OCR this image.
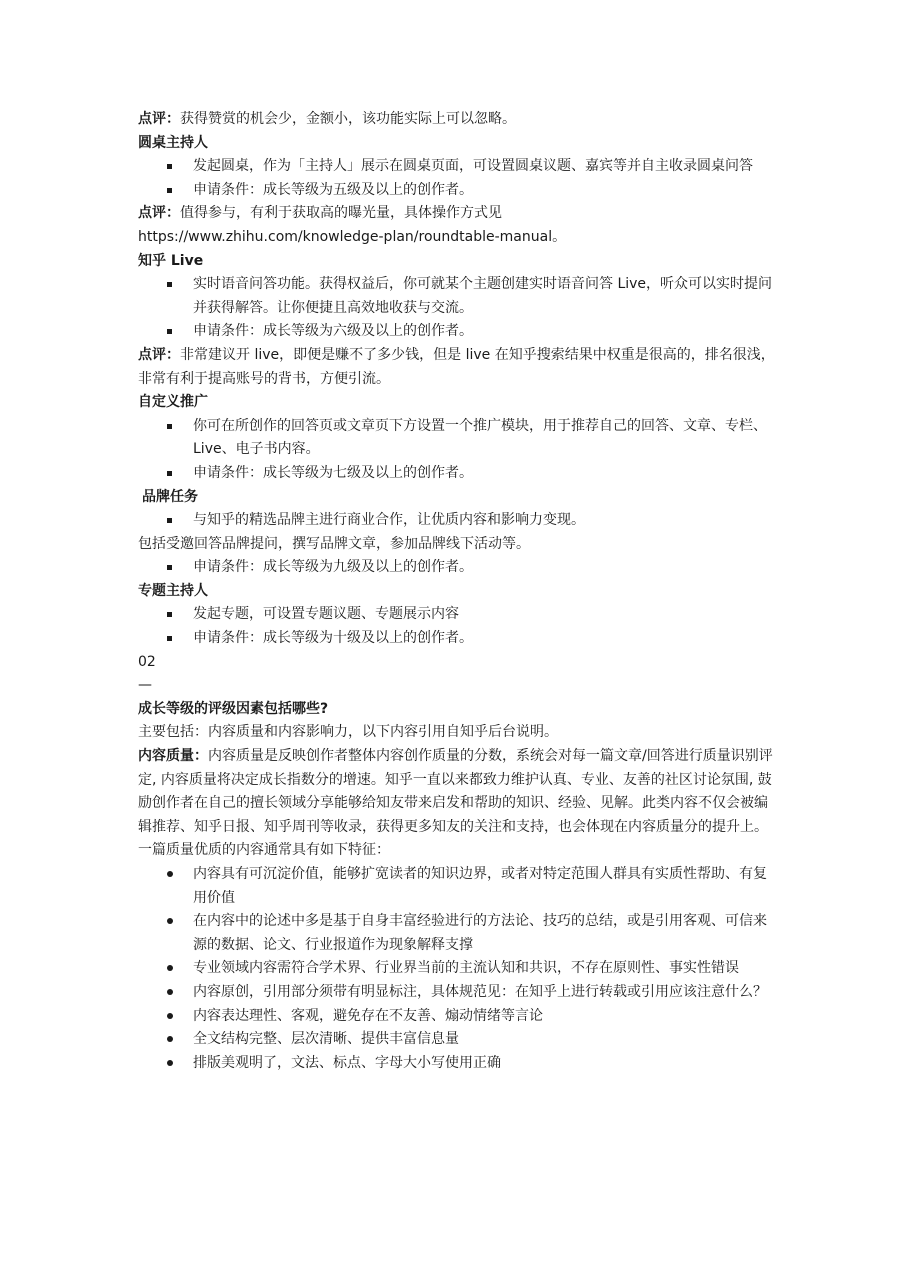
点评：获得赞赏的机会少，金额小，该功能实际上可以忽略。
圆桌主持人
发起圆桌，作为「主持人」展示在圆桌页面，可设置圆桌议题、嘉宾等并自主收录圆桌问答
申请条件：成长等级为五级及以上的创作者。
点评：值得参与，有利于获取高的曝光量，具体操作方式见
https://www.zhihu.com/knowledge-plan/roundtable-manual。
知乎 Live
实时语音问答功能。获得权益后，你可就某个主题创建实时语音问答 Live，听众可以实时提问并获得解答。让你便捷且高效地收获与交流。
申请条件：成长等级为六级及以上的创作者。
点评：非常建议开 live，即便是赚不了多少钱，但是 live 在知乎搜索结果中权重是很高的，排名很浅，非常有利于提高账号的背书，方便引流。
自定义推广
你可在所创作的回答页或文章页下方设置一个推广模块，用于推荐自己的回答、文章、专栏、Live、电子书内容。
申请条件：成长等级为七级及以上的创作者。
品牌任务
与知乎的精选品牌主进行商业合作，让优质内容和影响力变现。
包括受邀回答品牌提问，撰写品牌文章，参加品牌线下活动等。
申请条件：成长等级为九级及以上的创作者。
专题主持人
发起专题，可设置专题议题、专题展示内容
申请条件：成长等级为十级及以上的创作者。
02
—
成长等级的评级因素包括哪些?
主要包括：内容质量和内容影响力，以下内容引用自知乎后台说明。
内容质量：内容质量是反映创作者整体内容创作质量的分数，系统会对每一篇文章/回答进行质量识别评定, 内容质量将决定成长指数分的增速。知乎一直以来都致力维护认真、专业、友善的社区讨论氛围, 鼓励创作者在自己的擅长领域分享能够给知友带来启发和帮助的知识、经验、见解。此类内容不仅会被编辑推荐、知乎日报、知乎周刊等收录，获得更多知友的关注和支持，也会体现在内容质量分的提升上。一篇质量优质的内容通常具有如下特征：
内容具有可沉淀价值，能够扩宽读者的知识边界，或者对特定范围人群具有实质性帮助、有复用价值
在内容中的论述中多是基于自身丰富经验进行的方法论、技巧的总结，或是引用客观、可信来源的数据、论文、行业报道作为现象解释支撑
专业领域内容需符合学术界、行业界当前的主流认知和共识，不存在原则性、事实性错误
内容原创，引用部分须带有明显标注，具体规范见：在知乎上进行转载或引用应该注意什么？
内容表达理性、客观，避免存在不友善、煽动情绪等言论
全文结构完整、层次清晰、提供丰富信息量
排版美观明了，文法、标点、字母大小写使用正确
